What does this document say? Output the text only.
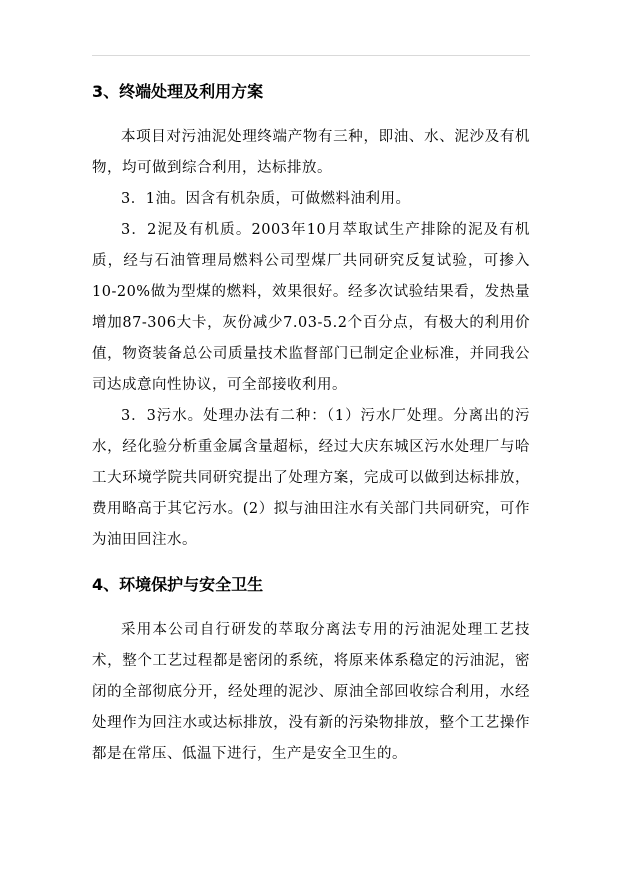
3、终端处理及利用方案

本项目对污油泥处理终端产物有三种，即油、水、泥沙及有机物，均可做到综合利用，达标排放。

3．1油。因含有机杂质，可做燃料油利用。

3．2泥及有机质。2003年10月萃取试生产排除的泥及有机质，经与石油管理局燃料公司型煤厂共同研究反复试验，可掺入10-20%做为型煤的燃料，效果很好。经多次试验结果看，发热量增加87-306大卡，灰份减少7.03-5.2个百分点，有极大的利用价值，物资装备总公司质量技术监督部门已制定企业标准，并同我公司达成意向性协议，可全部接收利用。

3．3污水。处理办法有二种：（1）污水厂处理。分离出的污水，经化验分析重金属含量超标，经过大庆东城区污水处理厂与哈工大环境学院共同研究提出了处理方案，完成可以做到达标排放，费用略高于其它污水。(2）拟与油田注水有关部门共同研究，可作为油田回注水。

4、环境保护与安全卫生

采用本公司自行研发的萃取分离法专用的污油泥处理工艺技术，整个工艺过程都是密闭的系统，将原来体系稳定的污油泥，密闭的全部彻底分开，经处理的泥沙、原油全部回收综合利用，水经处理作为回注水或达标排放，没有新的污染物排放，整个工艺操作都是在常压、低温下进行，生产是安全卫生的。
